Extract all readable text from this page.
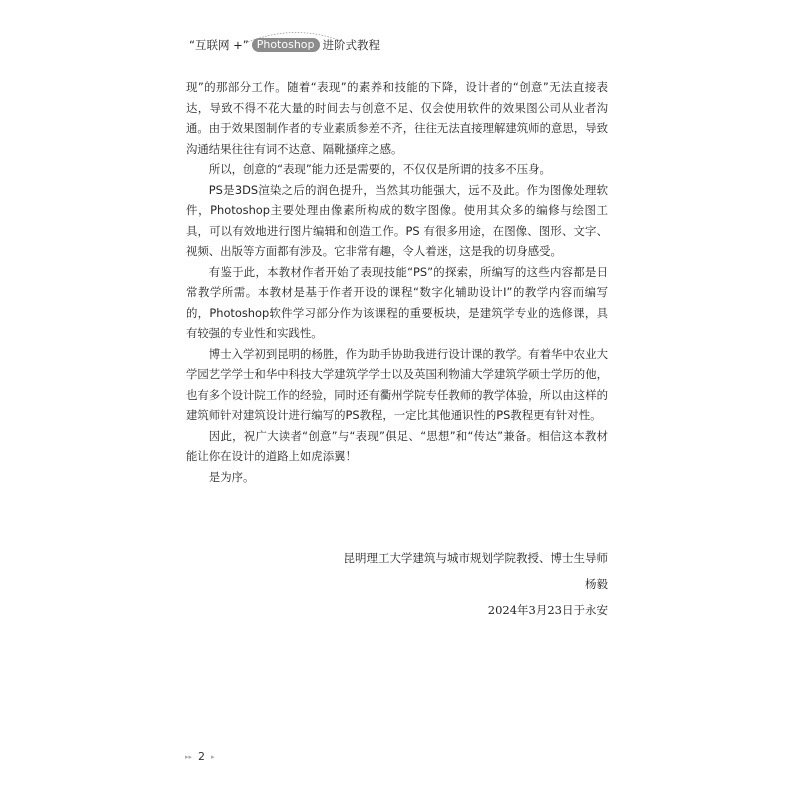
“互联网 +” Photoshop 进阶式教程

现”的那部分工作。随着“表现”的素养和技能的下降，设计者的“创意”无法直接表达，导致不得不花大量的时间去与创意不足、仅会使用软件的效果图公司从业者沟通。由于效果图制作者的专业素质参差不齐，往往无法直接理解建筑师的意思，导致沟通结果往往有词不达意、隔靴搔痒之感。

所以，创意的“表现”能力还是需要的，不仅仅是所谓的技多不压身。

PS是3DS渲染之后的润色提升，当然其功能强大，远不及此。作为图像处理软件，Photoshop主要处理由像素所构成的数字图像。使用其众多的编修与绘图工具，可以有效地进行图片编辑和创造工作。PS 有很多用途，在图像、图形、文字、视频、出版等方面都有涉及。它非常有趣，令人着迷，这是我的切身感受。

有鉴于此，本教材作者开始了表现技能“PS”的探索，所编写的这些内容都是日常教学所需。本教材是基于作者开设的课程“数字化辅助设计I”的教学内容而编写的，Photoshop软件学习部分作为该课程的重要板块，是建筑学专业的选修课，具有较强的专业性和实践性。

博士入学初到昆明的杨胜，作为助手协助我进行设计课的教学。有着华中农业大学园艺学学士和华中科技大学建筑学学士以及英国利物浦大学建筑学硕士学历的他，也有多个设计院工作的经验，同时还有衢州学院专任教师的教学体验，所以由这样的建筑师针对建筑设计进行编写的PS教程，一定比其他通识性的PS教程更有针对性。

因此，祝广大读者“创意”与“表现”俱足、“思想”和“传达”兼备。相信这本教材能让你在设计的道路上如虎添翼！

是为序。

昆明理工大学建筑与城市规划学院教授、博士生导师
杨毅
2024年3月23日于永安
▸▸ 2 ▸
